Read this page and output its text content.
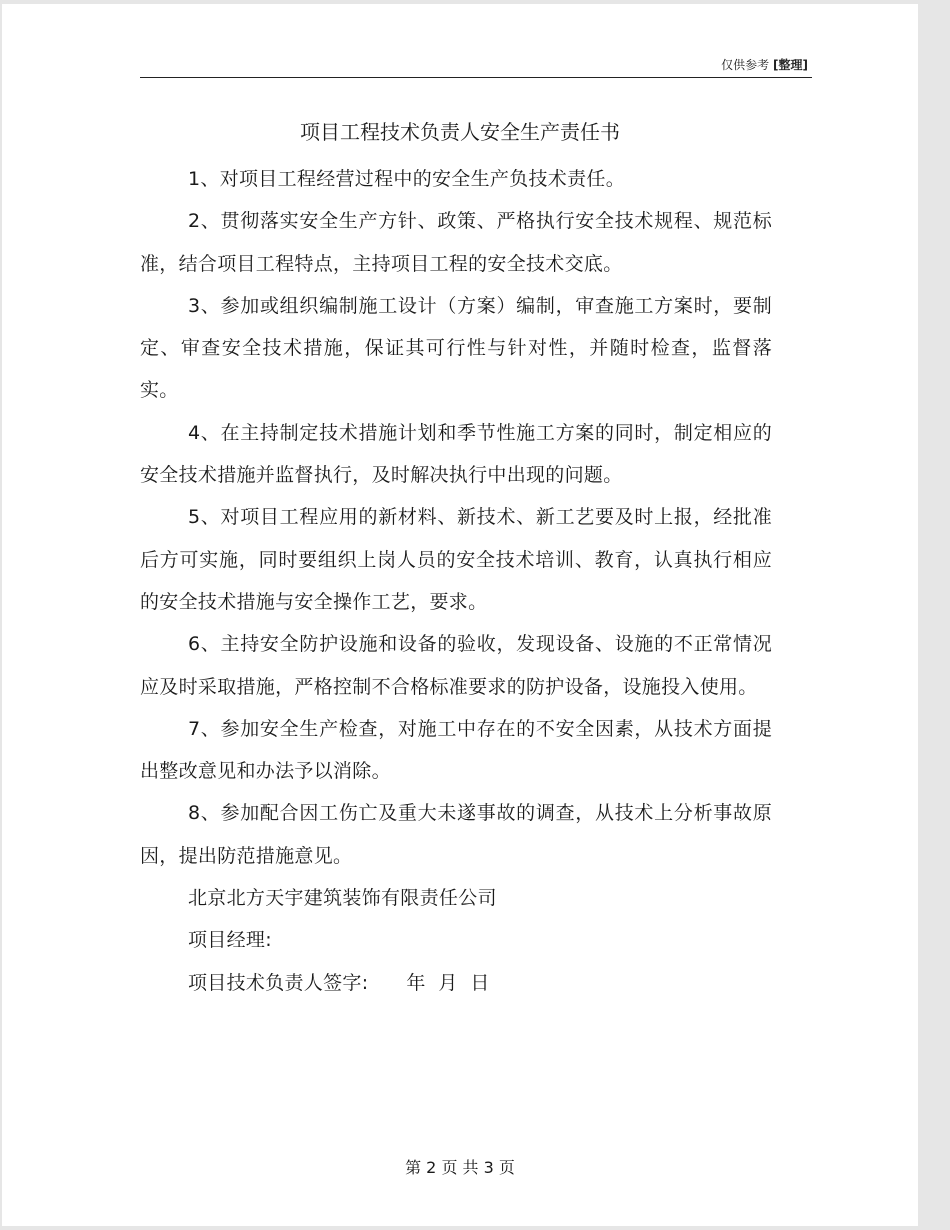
仅供参考 [整理]
项目工程技术负责人安全生产责任书

1、对项目工程经营过程中的安全生产负技术责任。

2、贯彻落实安全生产方针、政策、严格执行安全技术规程、规范标准，结合项目工程特点，主持项目工程的安全技术交底。

3、参加或组织编制施工设计（方案）编制，审查施工方案时，要制定、审查安全技术措施，保证其可行性与针对性，并随时检查，监督落实。

4、在主持制定技术措施计划和季节性施工方案的同时，制定相应的安全技术措施并监督执行，及时解决执行中出现的问题。

5、对项目工程应用的新材料、新技术、新工艺要及时上报，经批准后方可实施，同时要组织上岗人员的安全技术培训、教育，认真执行相应的安全技术措施与安全操作工艺，要求。

6、主持安全防护设施和设备的验收，发现设备、设施的不正常情况应及时采取措施，严格控制不合格标准要求的防护设备，设施投入使用。

7、参加安全生产检查，对施工中存在的不安全因素，从技术方面提出整改意见和办法予以消除。

8、参加配合因工伤亡及重大未遂事故的调查，从技术上分析事故原因，提出防范措施意见。

北京北方天宇建筑装饰有限责任公司

项目经理:

项目技术负责人签字: 年  月  日

第 2 页 共 3 页
